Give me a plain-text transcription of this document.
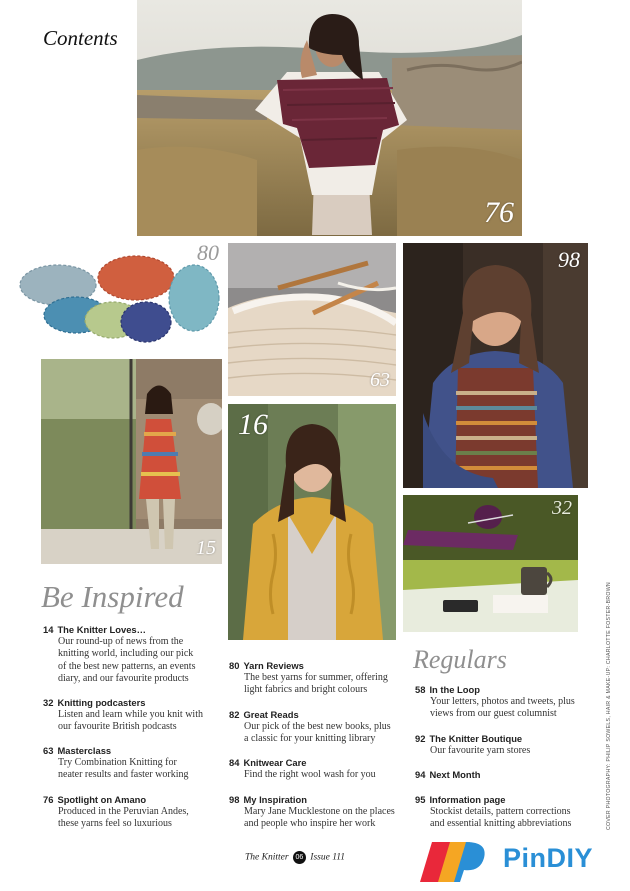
Contents
76
80
63
98
15
16
32
Be Inspired
14 The Knitter Loves…
Our round-up of news from the
knitting world, including our pick
of the best new patterns, an events
diary, and our favourite products
32 Knitting podcasters
Listen and learn while you knit with
our favourite British podcasts
63 Masterclass
Try Combination Knitting for
neater results and faster working
76 Spotlight on Amano
Produced in the Peruvian Andes,
these yarns feel so luxurious
80 Yarn Reviews
The best yarns for summer, offering
light fabrics and bright colours
82 Great Reads
Our pick of the best new books, plus
a classic for your knitting library
84 Knitwear Care
Find the right wool wash for you
98 My Inspiration
Mary Jane Mucklestone on the places
and people who inspire her work
Regulars
58 In the Loop
Your letters, photos and tweets, plus
views from our guest columnist
92 The Knitter Boutique
Our favourite yarn stores
94 Next Month
95 Information page
Stockist details, pattern corrections
and essential knitting abbreviations	COVER PHOTOGRAPHY: PHILIP SOWELS, HAIR & MAKE-UP: CHARLOTTE FOSTER-BROWN
The Knitter 06 Issue 111	PinDIY
